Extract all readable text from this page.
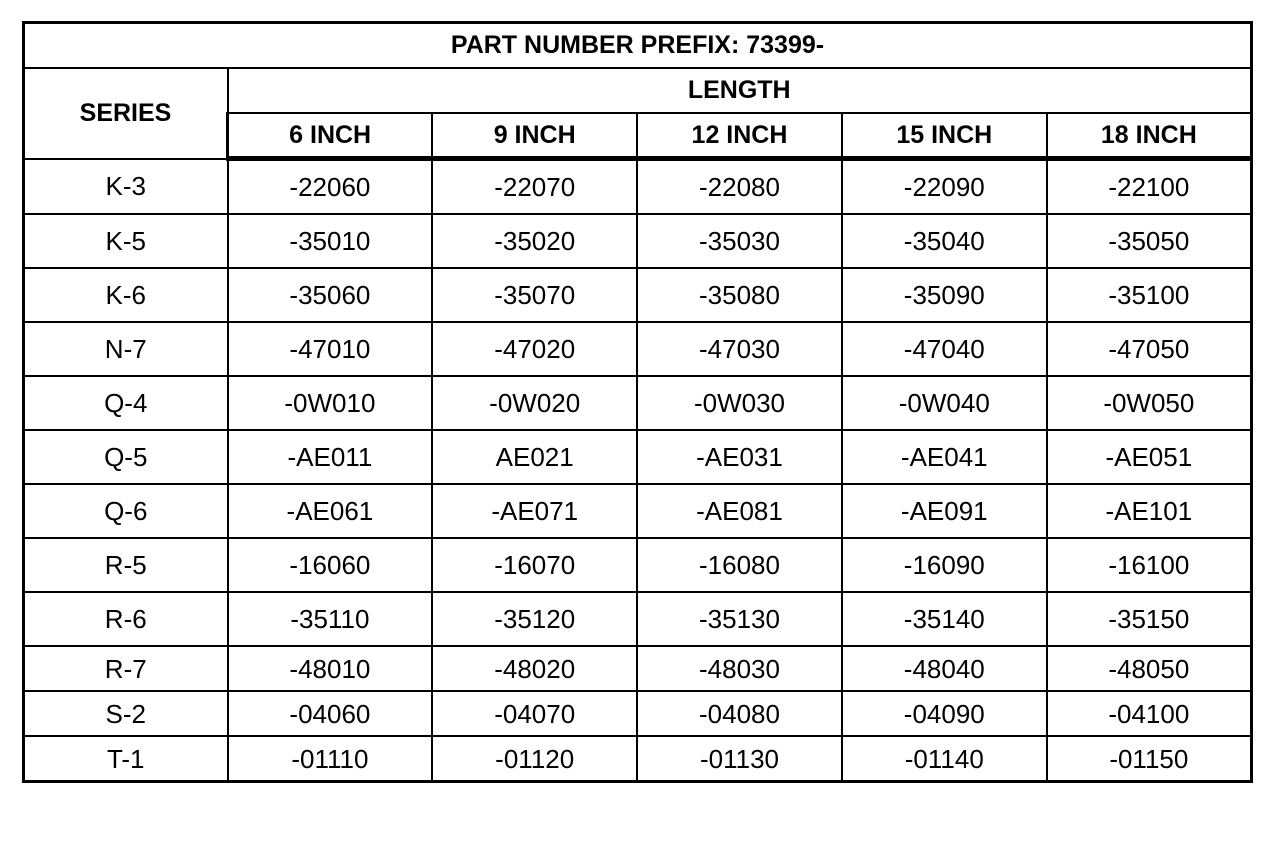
PART NUMBER PREFIX: 73399-					
SERIES	LENGTH				
	6 INCH	9 INCH	12 INCH	15 INCH	18 INCH
K-3	-22060	-22070	-22080	-22090	-22100
K-5	-35010	-35020	-35030	-35040	-35050
K-6	-35060	-35070	-35080	-35090	-35100
N-7	-47010	-47020	-47030	-47040	-47050
Q-4	-0W010	-0W020	-0W030	-0W040	-0W050
Q-5	-AE011	AE021	-AE031	-AE041	-AE051
Q-6	-AE061	-AE071	-AE081	-AE091	-AE101
R-5	-16060	-16070	-16080	-16090	-16100
R-6	-35110	-35120	-35130	-35140	-35150
R-7	-48010	-48020	-48030	-48040	-48050
S-2	-04060	-04070	-04080	-04090	-04100
T-1	-01110	-01120	-01130	-01140	-01150
